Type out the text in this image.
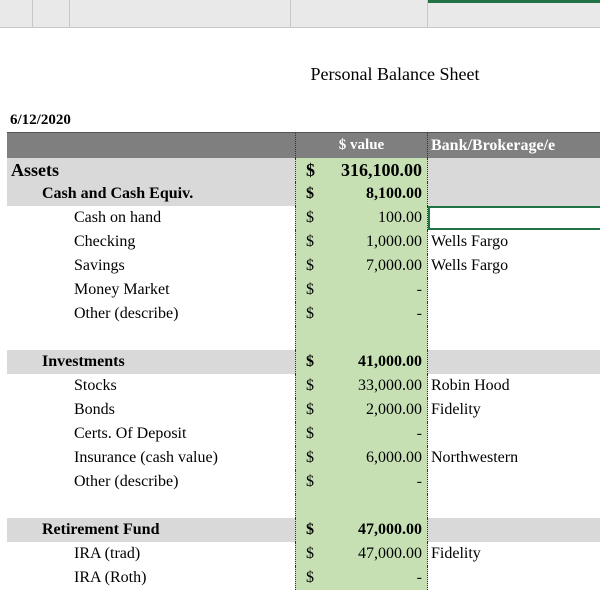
Personal Balance Sheet
6/12/2020
$ value	Bank/Brokerage/e
Assets	$ 316,100.00
Cash and Cash Equiv.	$	8,100.00
Cash on hand	$	100.00
Checking	$	1,000.00 Wells Fargo
Savings	$	7,000.00 Wells Fargo
Money Market	$	-
Other (describe)	$	-
Investments	$	41,000.00
Stocks	$	33,000.00 Robin Hood
Bonds	$	2,000.00 Fidelity
Certs. Of Deposit	$	-
Insurance (cash value)	$	6,000.00 Northwestern
Other (describe)	$	-
Retirement Fund	$	47,000.00
IRA (trad)	$	47,000.00 Fidelity
IRA (Roth)	$	-
